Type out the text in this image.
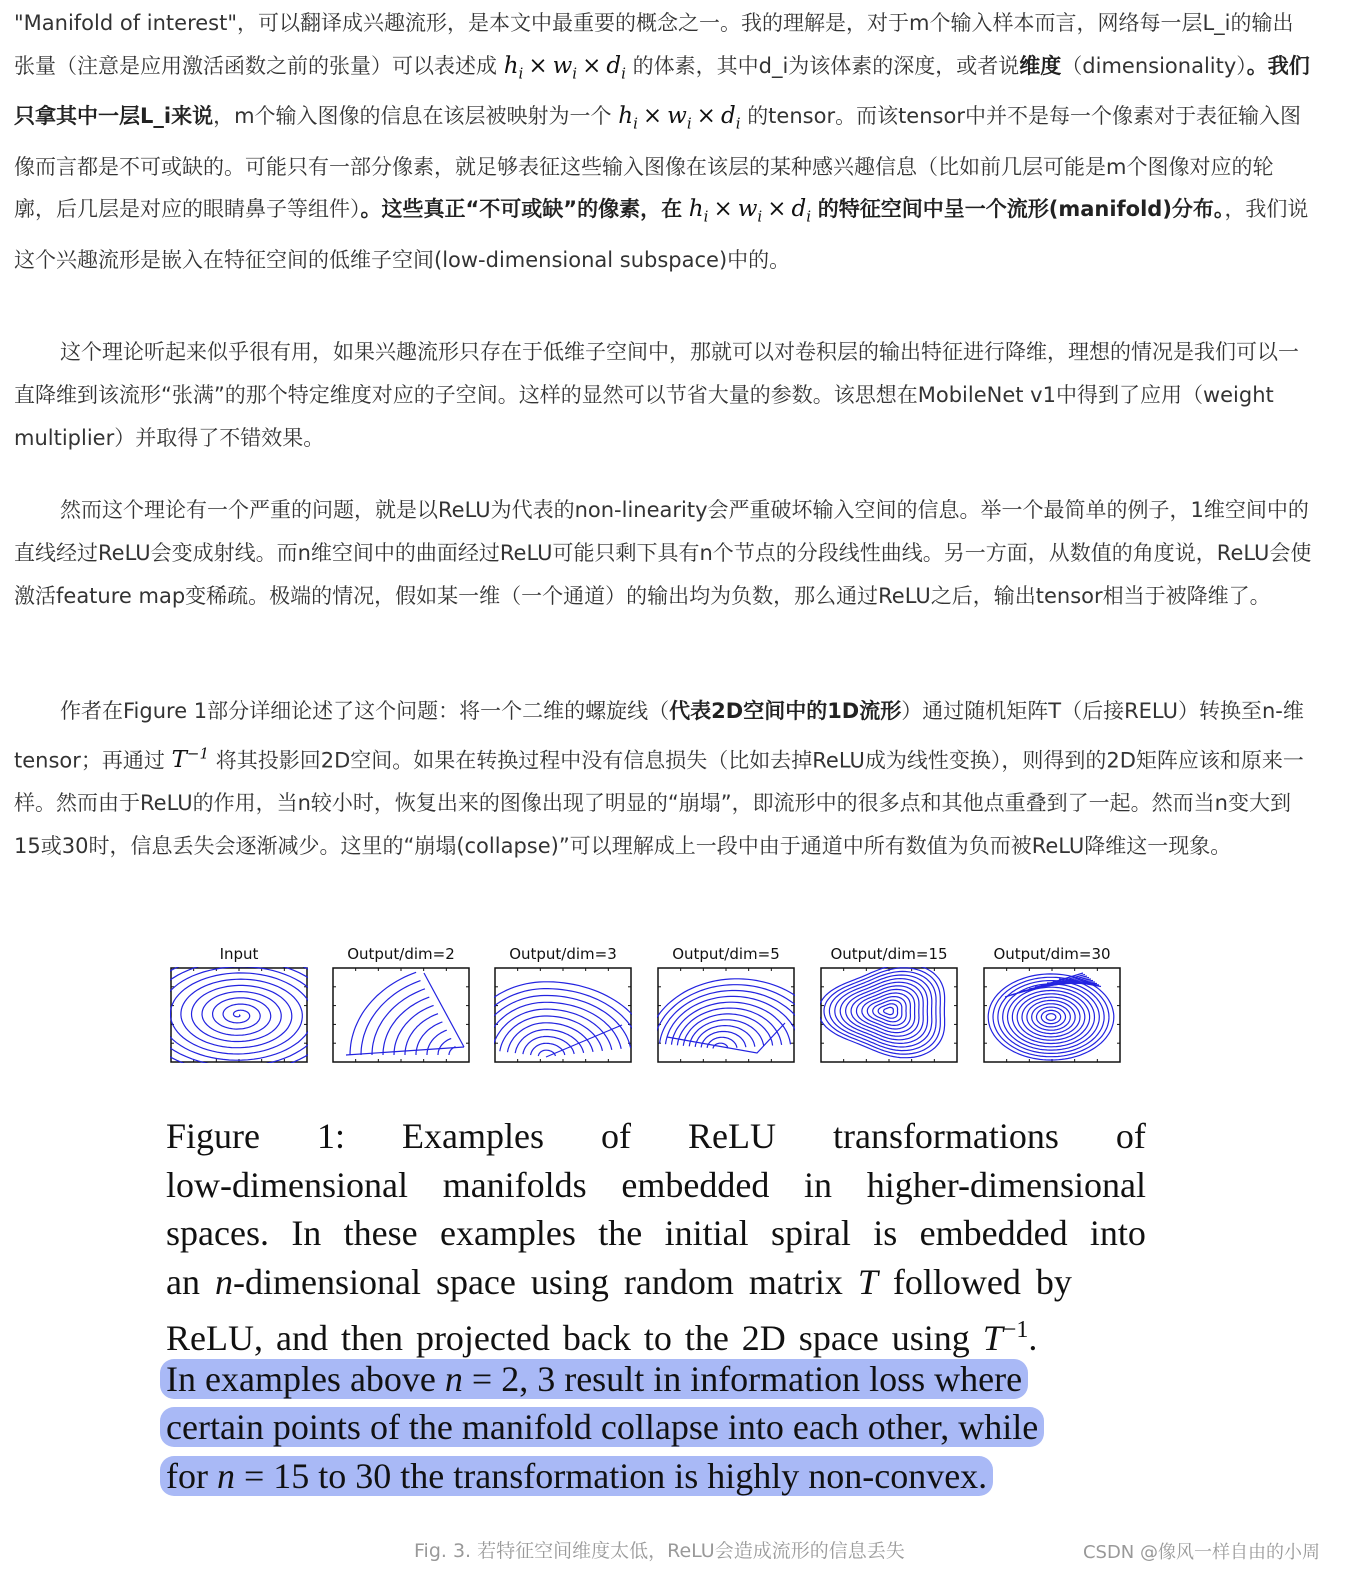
"Manifold of interest"，可以翻译成兴趣流形，是本文中最重要的概念之一。我的理解是，对于m个输入样本而言，网络每一层L_i的输出张量（注意是应用激活函数之前的张量）可以表述成 $h_i \times w_i \times d_i$ 的体素，其中d_i为该体素的深度，或者说维度（dimensionality）。我们只拿其中一层L_i来说，m个输入图像的信息在该层被映射为一个 $h_i \times w_i \times d_i$ 的tensor。而该tensor中并不是每一个像素对于表征输入图像而言都是不可或缺的。可能只有一部分像素，就足够表征这些输入图像在该层的某种感兴趣信息（比如前几层可能是m个图像对应的轮廓，后几层是对应的眼睛鼻子等组件）。这些真正“不可或缺”的像素，在 $h_i \times w_i \times d_i$ 的特征空间中呈一个流形(manifold)分布。，我们说这个兴趣流形是嵌入在特征空间的低维子空间(low-dimensional subspace)中的。

这个理论听起来似乎很有用，如果兴趣流形只存在于低维子空间中，那就可以对卷积层的输出特征进行降维，理想的情况是我们可以一直降维到该流形“张满”的那个特定维度对应的子空间。这样的显然可以节省大量的参数。该思想在MobileNet v1中得到了应用（weight multiplier）并取得了不错效果。

然而这个理论有一个严重的问题，就是以ReLU为代表的non-linearity会严重破坏输入空间的信息。举一个最简单的例子，1维空间中的直线经过ReLU会变成射线。而n维空间中的曲面经过ReLU可能只剩下具有n个节点的分段线性曲线。另一方面，从数值的角度说，ReLU会使激活feature map变稀疏。极端的情况，假如某一维（一个通道）的输出均为负数，那么通过ReLU之后，输出tensor相当于被降维了。

作者在Figure 1部分详细论述了这个问题：将一个二维的螺旋线（代表2D空间中的1D流形）通过随机矩阵T（后接RELU）转换至n-维tensor；再通过 $T^{-1}$ 将其投影回2D空间。如果在转换过程中没有信息损失（比如去掉ReLU成为线性变换），则得到的2D矩阵应该和原来一样。然而由于ReLU的作用，当n较小时，恢复出来的图像出现了明显的“崩塌”，即流形中的很多点和其他点重叠到了一起。然而当n变大到15或30时，信息丢失会逐渐减少。这里的“崩塌(collapse)”可以理解成上一段中由于通道中所有数值为负而被ReLU降维这一现象。

Input	Output/dim=2	Output/dim=3	Output/dim=5	Output/dim=15	Output/dim=30
Figure 1: Examples of ReLU transformations of
low-dimensional manifolds embedded in higher-dimensional
spaces. In these examples the initial spiral is embedded into
an n-dimensional space using random matrix T followed by
ReLU, and then projected back to the 2D space using $T^{-1}$.
In examples above n = 2, 3 result in information loss where
certain points of the manifold collapse into each other, while
for n = 15 to 30 the transformation is highly non-convex.
Fig. 3. 若特征空间维度太低，ReLU会造成流形的信息丢失	CSDN @像风一样自由的小周
